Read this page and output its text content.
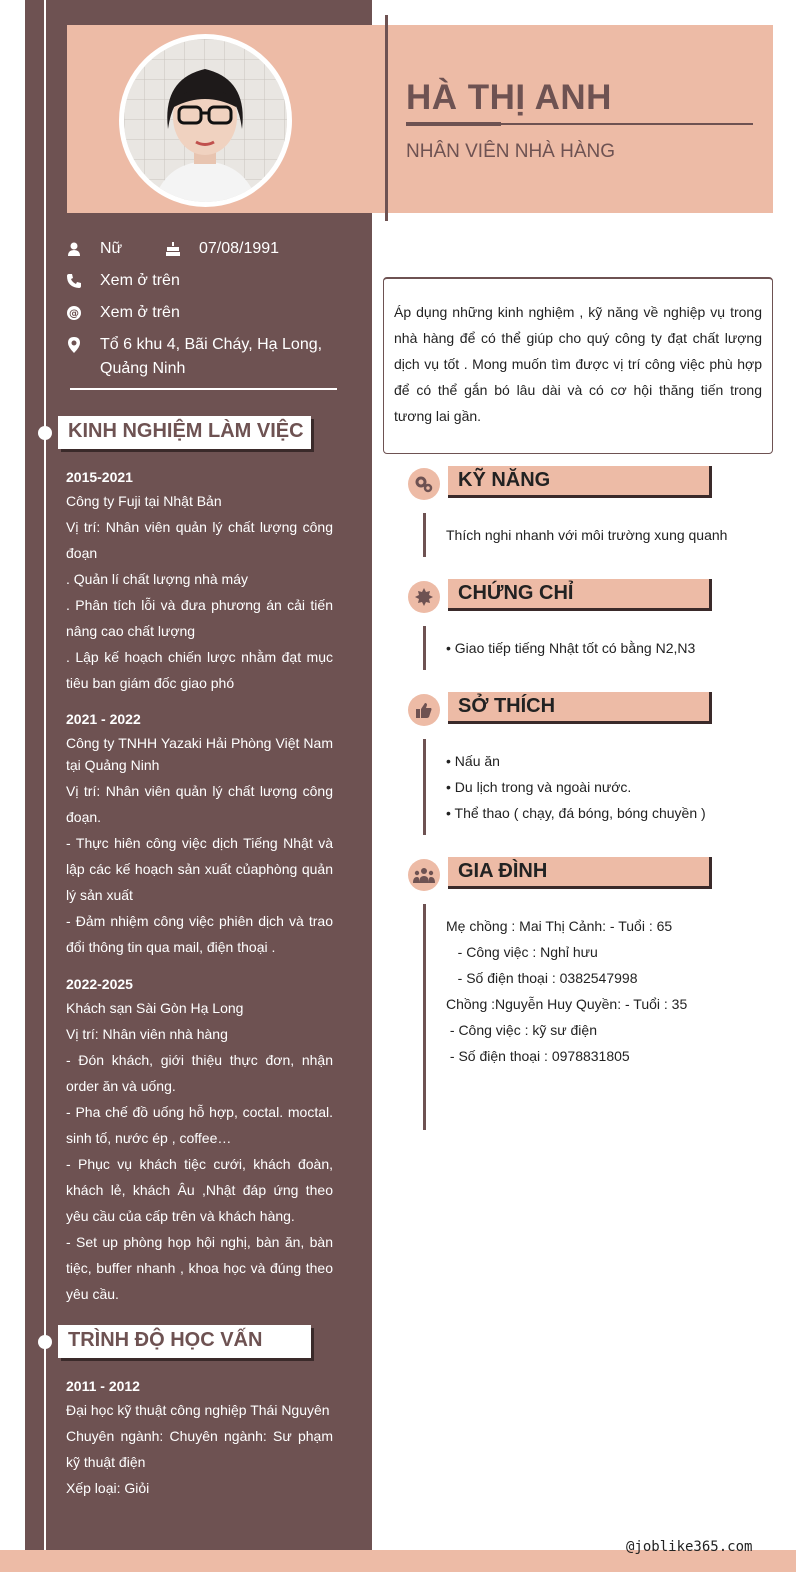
HÀ THỊ ANH
NHÂN VIÊN NHÀ HÀNG
Nữ	07/08/1991
Xem ở trên
@ Xem ở trên
Tổ 6 khu 4, Bãi Cháy, Hạ Long,
Quảng Ninh
KINH NGHIỆM LÀM VIỆC
2015-2021
Công ty Fuji tại Nhật Bản

Vị trí: Nhân viên quản lý chất lượng công đoạn

. Quản lí chất lượng nhà máy

. Phân tích lỗi và đưa phương án cải tiến nâng cao chất lượng

. Lập kế hoạch chiến lược nhằm đạt mục tiêu ban giám đốc giao phó

2021 - 2022
Công ty TNHH Yazaki Hải Phòng Việt Nam tại Quảng Ninh

Vị trí: Nhân viên quản lý chất lượng công đoạn.

- Thực hiên công việc dịch Tiếng Nhật và lập các kế hoạch sản xuất củaphòng quản lý sản xuất

- Đảm nhiệm công việc phiên dịch và trao đổi thông tin qua mail, điện thoại .

2022-2025
Khách sạn Sài Gòn Hạ Long

Vị trí: Nhân viên nhà hàng

- Đón khách, giới thiệu thực đơn, nhận order ăn và uống.

- Pha chế đồ uống hỗ hợp, coctal. moctal. sinh tố, nước ép , coffee…

- Phục vụ khách tiệc cưới, khách đoàn, khách lẻ, khách Âu ,Nhật đáp ứng theo yêu cầu của cấp trên và khách hàng.

- Set up phòng họp hội nghị, bàn ăn, bàn tiệc, buffer nhanh , khoa học và đúng theo yêu cầu.

TRÌNH ĐỘ HỌC VẤN
2011 - 2012
Đại học kỹ thuật công nghiệp Thái Nguyên

Chuyên ngành: Chuyên ngành: Sư phạm kỹ thuật điện

Xếp loại: Giỏi

Áp dụng những kinh nghiệm , kỹ năng về nghiệp vụ trong nhà hàng để có thể giúp cho quý công ty đạt chất lượng dịch vụ tốt . Mong muốn tìm được vị trí công việc phù hợp để có thể gắn bó lâu dài và có cơ hội thăng tiến trong tương lai gần.
KỸ NĂNG
Thích nghi nhanh với môi trường xung quanh
CHỨNG CHỈ
• Giao tiếp tiếng Nhật tốt có bằng N2,N3
SỞ THÍCH
• Nấu ăn
• Du lịch trong và ngoài nước.
• Thể thao ( chạy, đá bóng, bóng chuyền )
GIA ĐÌNH
Mẹ chồng : Mai Thị Cảnh: - Tuổi : 65
- Công việc : Nghỉ hưu
- Số điện thoại : 0382547998
Chồng :Nguyễn Huy Quyền: - Tuổi : 35
- Công việc : kỹ sư điện
- Số điện thoại : 0978831805
@joblike365.com
